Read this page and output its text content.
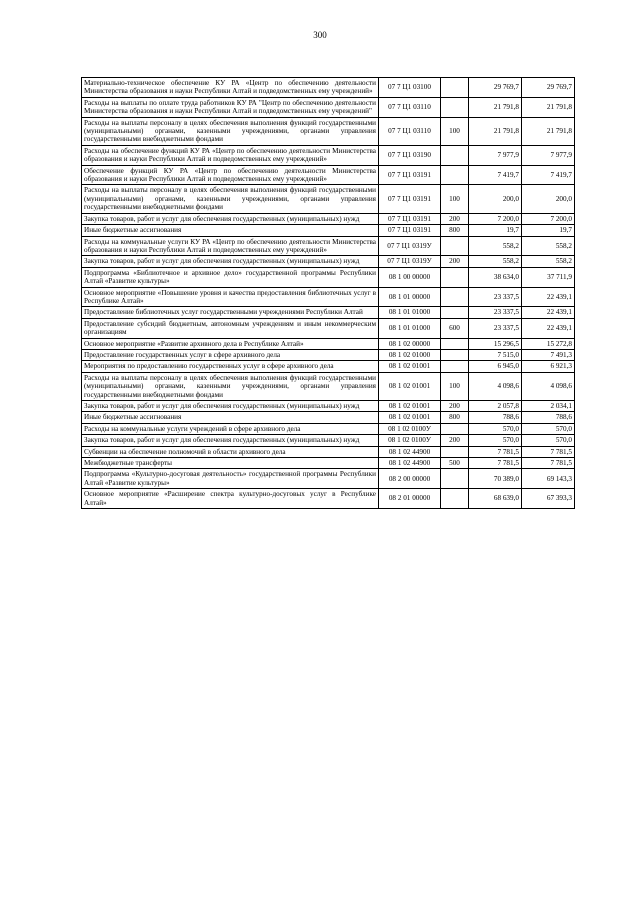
300
Материально-техническое обеспечение КУ РА «Центр по обеспечению деятельности Министерства образования и науки Республики Алтай и подведомственных ему учреждений»	07 7 Ц1 03100		29 769,7	29 769,7
Расходы на выплаты по оплате труда работников КУ РА "Центр по обеспечению деятельности Министерства образования и науки Республики Алтай и подведомственных ему учреждений"	07 7 Ц1 03110		21 791,8	21 791,8
Расходы на выплаты персоналу в целях обеспечения выполнения функций государственными (муниципальными) органами, казенными учреждениями, органами управления государственными внебюджетными фондами	07 7 Ц1 03110	100	21 791,8	21 791,8
Расходы на обеспечение функций КУ РА «Центр по обеспечению деятельности Министерства образования и науки Республики Алтай и подведомственных ему учреждений»	07 7 Ц1 03190		7 977,9	7 977,9
Обеспечение функций КУ РА «Центр по обеспечению деятельности Министерства образования и науки Республики Алтай и подведомственных ему учреждений»	07 7 Ц1 03191		7 419,7	7 419,7
Расходы на выплаты персоналу в целях обеспечения выполнения функций государственными (муниципальными) органами, казенными учреждениями, органами управления государственными внебюджетными фондами	07 7 Ц1 03191	100	200,0	200,0
Закупка товаров, работ и услуг для обеспечения государственных (муниципальных) нужд	07 7 Ц1 03191	200	7 200,0	7 200,0
Иные бюджетные ассигнования	07 7 Ц1 03191	800	19,7	19,7
Расходы на коммунальные услуги КУ РА «Центр по обеспечению деятельности Министерства образования и науки Республики Алтай и подведомственных ему учреждений»	07 7 Ц1 0319У		558,2	558,2
Закупка товаров, работ и услуг для обеспечения государственных (муниципальных) нужд	07 7 Ц1 0319У	200	558,2	558,2
Подпрограмма «Библиотечное и архивное дело» государственной программы Республики Алтай «Развитие культуры»	08 1 00 00000		38 634,0	37 711,9
Основное мероприятие «Повышение уровня и качества предоставления библиотечных услуг в Республике Алтай»	08 1 01 00000		23 337,5	22 439,1
Предоставление библиотечных услуг государственными учреждениями Республики Алтай	08 1 01 01000		23 337,5	22 439,1
Предоставление субсидий бюджетным, автономным учреждениям и иным некоммерческим организациям	08 1 01 01000	600	23 337,5	22 439,1
Основное мероприятие «Развитие архивного дела в Республике Алтай»	08 1 02 00000		15 296,5	15 272,8
Предоставление государственных услуг в сфере архивного дела	08 1 02 01000		7 515,0	7 491,3
Мероприятия по предоставлению государственных услуг в сфере архивного дела	08 1 02 01001		6 945,0	6 921,3
Расходы на выплаты персоналу в целях обеспечения выполнения функций государственными (муниципальными) органами, казенными учреждениями, органами управления государственными внебюджетными фондами	08 1 02 01001	100	4 098,6	4 098,6
Закупка товаров, работ и услуг для обеспечения государственных (муниципальных) нужд	08 1 02 01001	200	2 057,8	2 034,1
Иные бюджетные ассигнования	08 1 02 01001	800	788,6	788,6
Расходы на коммунальные услуги учреждений в сфере архивного дела	08 1 02 0100У		570,0	570,0
Закупка товаров, работ и услуг для обеспечения государственных (муниципальных) нужд	08 1 02 0100У	200	570,0	570,0
Субвенции на обеспечение полномочий в области архивного дела	08 1 02 44900		7 781,5	7 781,5
Межбюджетные трансферты	08 1 02 44900	500	7 781,5	7 781,5
Подпрограмма «Культурно-досуговая деятельность» государственной программы Республики Алтай «Развитие культуры»	08 2 00 00000		70 389,0	69 143,3
Основное мероприятие «Расширение спектра культурно-досуговых услуг в Республике Алтай»	08 2 01 00000		68 639,0	67 393,3
